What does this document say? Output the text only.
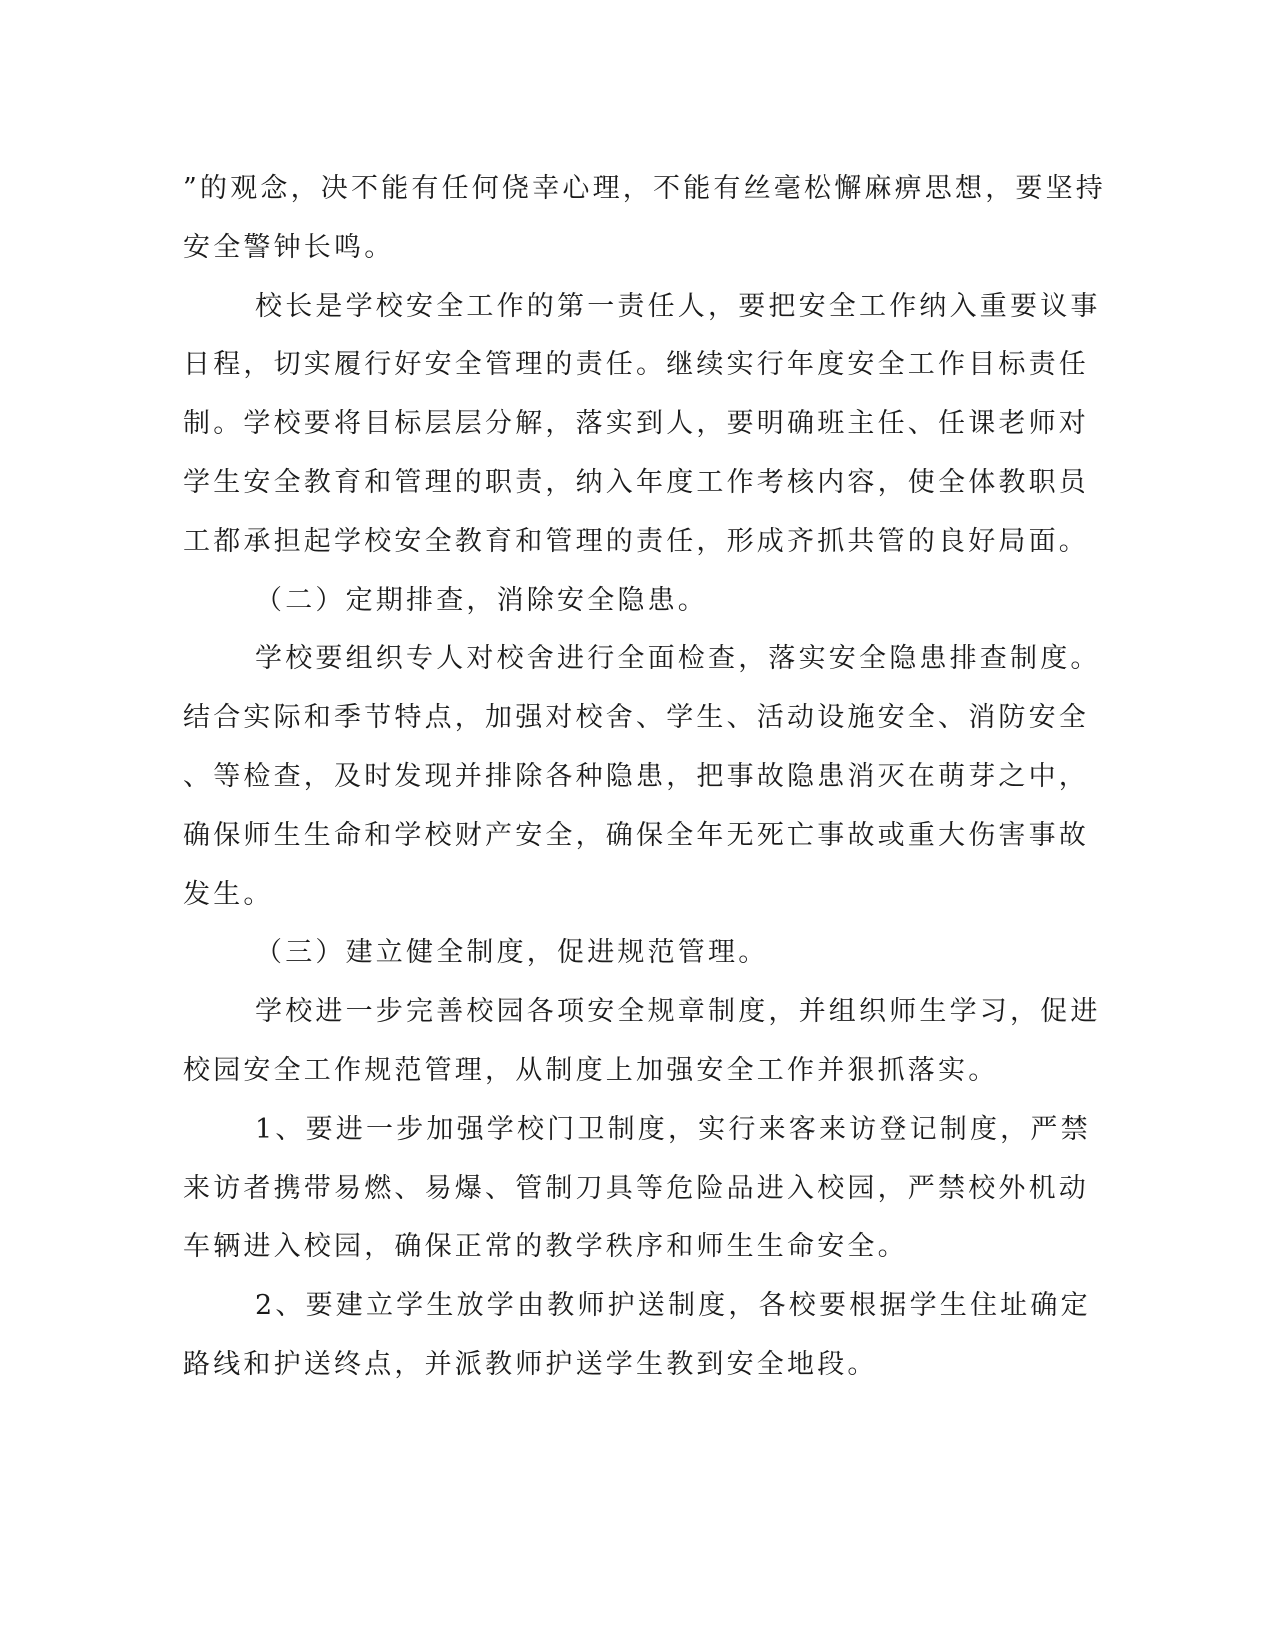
”的观念，决不能有任何侥幸心理，不能有丝毫松懈麻痹思想，要坚持
安全警钟长鸣。
校长是学校安全工作的第一责任人，要把安全工作纳入重要议事
日程，切实履行好安全管理的责任。继续实行年度安全工作目标责任
制。学校要将目标层层分解，落实到人，要明确班主任、任课老师对
学生安全教育和管理的职责，纳入年度工作考核内容，使全体教职员
工都承担起学校安全教育和管理的责任，形成齐抓共管的良好局面。
（二）定期排查，消除安全隐患。
学校要组织专人对校舍进行全面检查，落实安全隐患排查制度。
结合实际和季节特点，加强对校舍、学生、活动设施安全、消防安全
、等检查，及时发现并排除各种隐患，把事故隐患消灭在萌芽之中，
确保师生生命和学校财产安全，确保全年无死亡事故或重大伤害事故
发生。
（三）建立健全制度，促进规范管理。
学校进一步完善校园各项安全规章制度，并组织师生学习，促进
校园安全工作规范管理，从制度上加强安全工作并狠抓落实。
1、要进一步加强学校门卫制度，实行来客来访登记制度，严禁
来访者携带易燃、易爆、管制刀具等危险品进入校园，严禁校外机动
车辆进入校园，确保正常的教学秩序和师生生命安全。
2、要建立学生放学由教师护送制度，各校要根据学生住址确定
路线和护送终点，并派教师护送学生教到安全地段。
